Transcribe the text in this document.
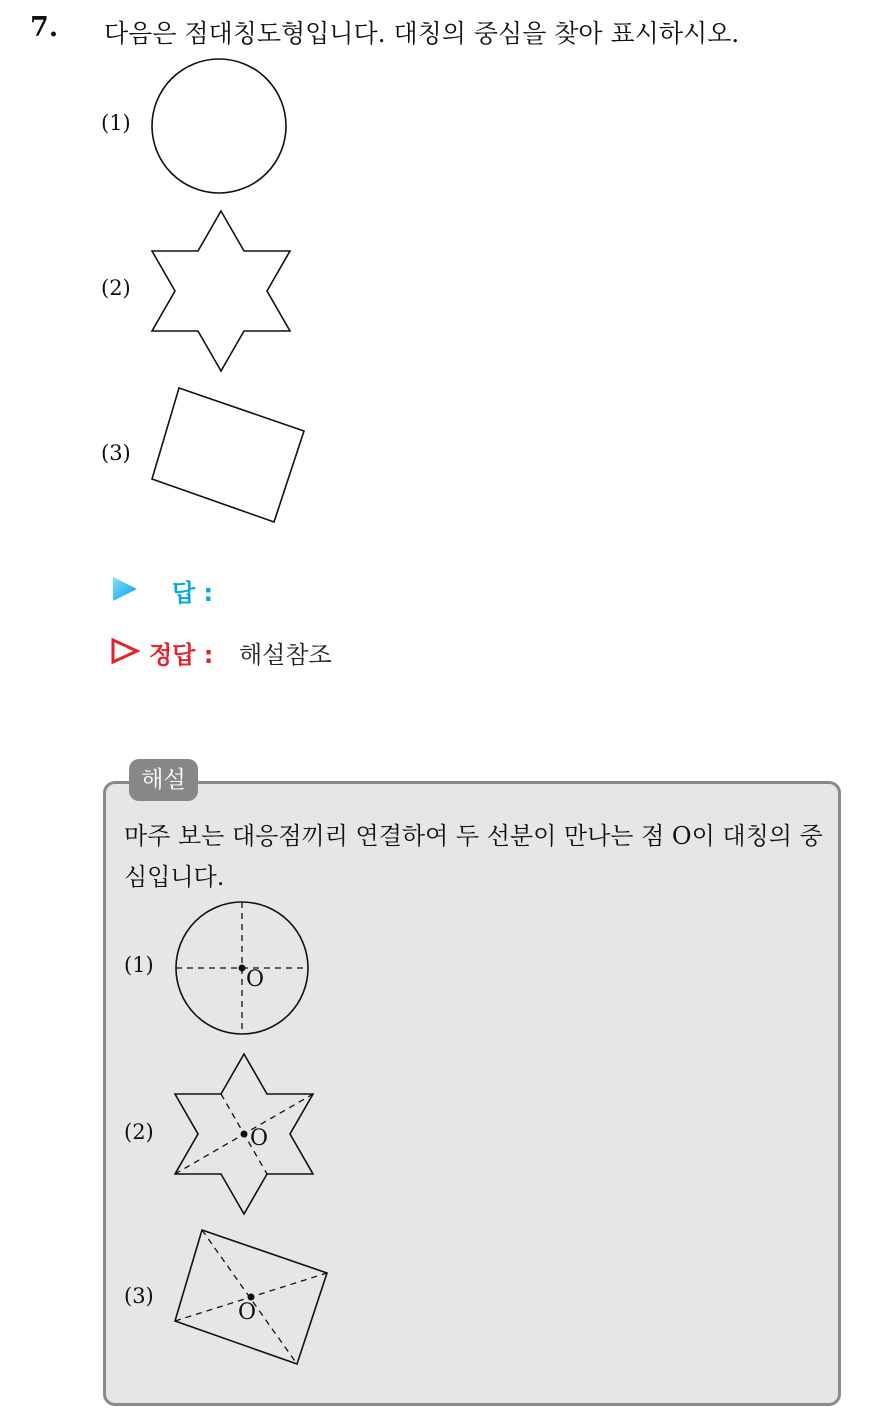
7. 다음은 점대칭도형입니다. 대칭의 중심을 찾아 표시하시오.
(1)
(2)
(3)
답 :
정답 : 해설참조
해설
마주 보는 대응점끼리 연결하여 두 선분이 만나는 점 O이 대칭의 중심입니다.
(1)
O
(2)	O
(3)
O
